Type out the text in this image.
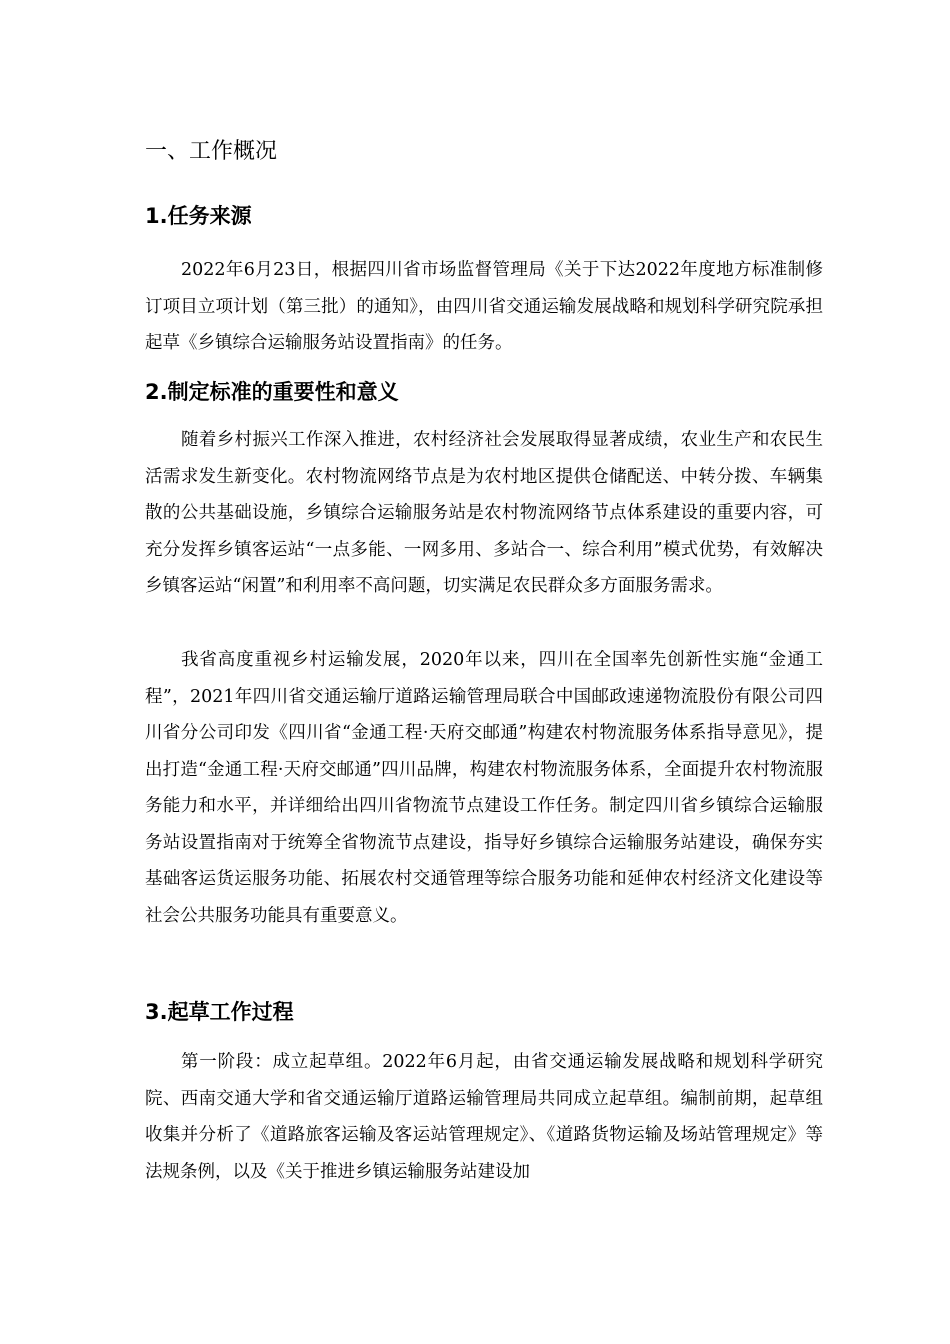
一、工作概况
1.任务来源

2022年6月23日，根据四川省市场监督管理局《关于下达2022年度地方标准制修订项目立项计划（第三批）的通知》，由四川省交通运输发展战略和规划科学研究院承担起草《乡镇综合运输服务站设置指南》的任务。

2.制定标准的重要性和意义

随着乡村振兴工作深入推进，农村经济社会发展取得显著成绩，农业生产和农民生活需求发生新变化。农村物流网络节点是为农村地区提供仓储配送、中转分拨、车辆集散的公共基础设施，乡镇综合运输服务站是农村物流网络节点体系建设的重要内容，可充分发挥乡镇客运站“一点多能、一网多用、多站合一、综合利用”模式优势，有效解决乡镇客运站“闲置”和利用率不高问题，切实满足农民群众多方面服务需求。

我省高度重视乡村运输发展，2020年以来，四川在全国率先创新性实施“金通工程”，2021年四川省交通运输厅道路运输管理局联合中国邮政速递物流股份有限公司四川省分公司印发《四川省“金通工程·天府交邮通”构建农村物流服务体系指导意见》，提出打造“金通工程·天府交邮通”四川品牌，构建农村物流服务体系，全面提升农村物流服务能力和水平，并详细给出四川省物流节点建设工作任务。制定四川省乡镇综合运输服务站设置指南对于统筹全省物流节点建设，指导好乡镇综合运输服务站建设，确保夯实基础客运货运服务功能、拓展农村交通管理等综合服务功能和延伸农村经济文化建设等社会公共服务功能具有重要意义。

3.起草工作过程

第一阶段：成立起草组。2022年6月起，由省交通运输发展战略和规划科学研究院、西南交通大学和省交通运输厅道路运输管理局共同成立起草组。编制前期，起草组收集并分析了《道路旅客运输及客运站管理规定》、《道路货物运输及场站管理规定》等法规条例，以及《关于推进乡镇运输服务站建设加
